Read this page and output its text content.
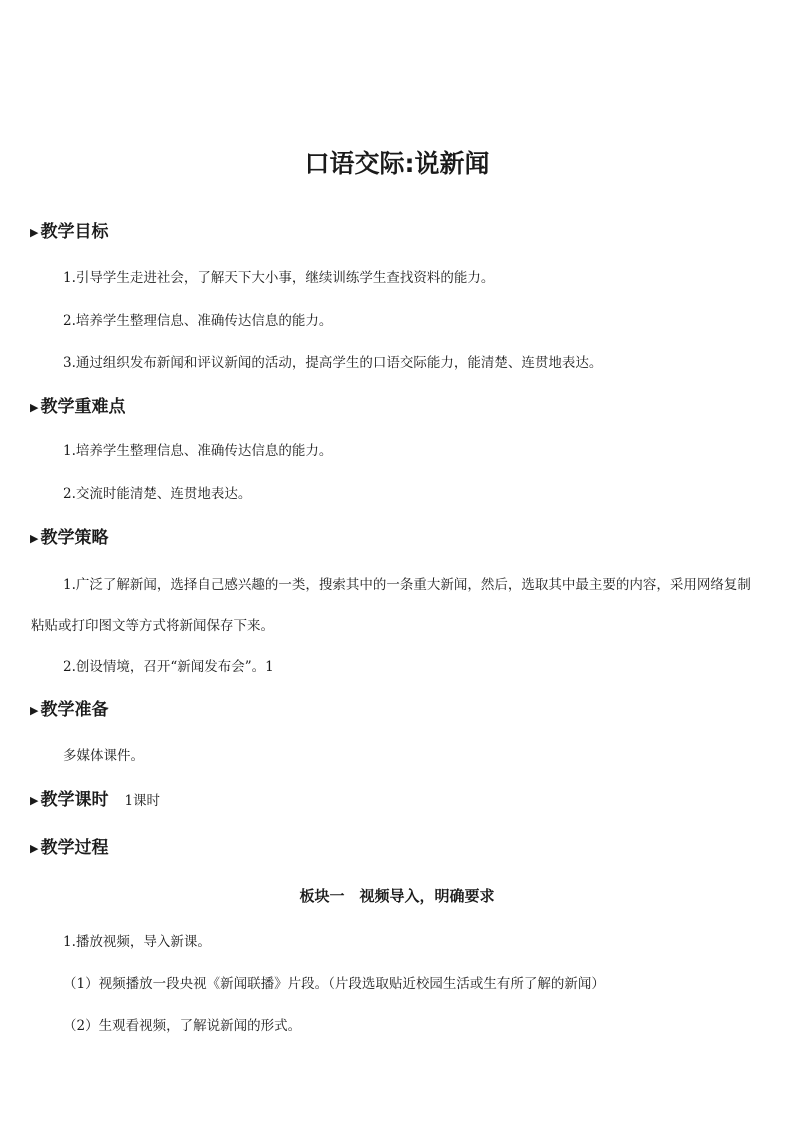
口语交际:说新闻
▶ 教学目标

1.引导学生走进社会，了解天下大小事，继续训练学生查找资料的能力。

2.培养学生整理信息、准确传达信息的能力。

3.通过组织发布新闻和评议新闻的活动，提高学生的口语交际能力，能清楚、连贯地表达。

▶ 教学重难点

1.培养学生整理信息、准确传达信息的能力。

2.交流时能清楚、连贯地表达。

▶ 教学策略

1.广泛了解新闻，选择自己感兴趣的一类，搜索其中的一条重大新闻，然后，选取其中最主要的内容，采用网络复制粘贴或打印图文等方式将新闻保存下来。

2.创设情境，召开“新闻发布会”。1

▶ 教学准备

多媒体课件。

▶ 教学课时 1课时
▶ 教学过程

板块一　视频导入，明确要求

1.播放视频，导入新课。

（1）视频播放一段央视《新闻联播》片段。（片段选取贴近校园生活或生有所了解的新闻）

（2）生观看视频，了解说新闻的形式。
